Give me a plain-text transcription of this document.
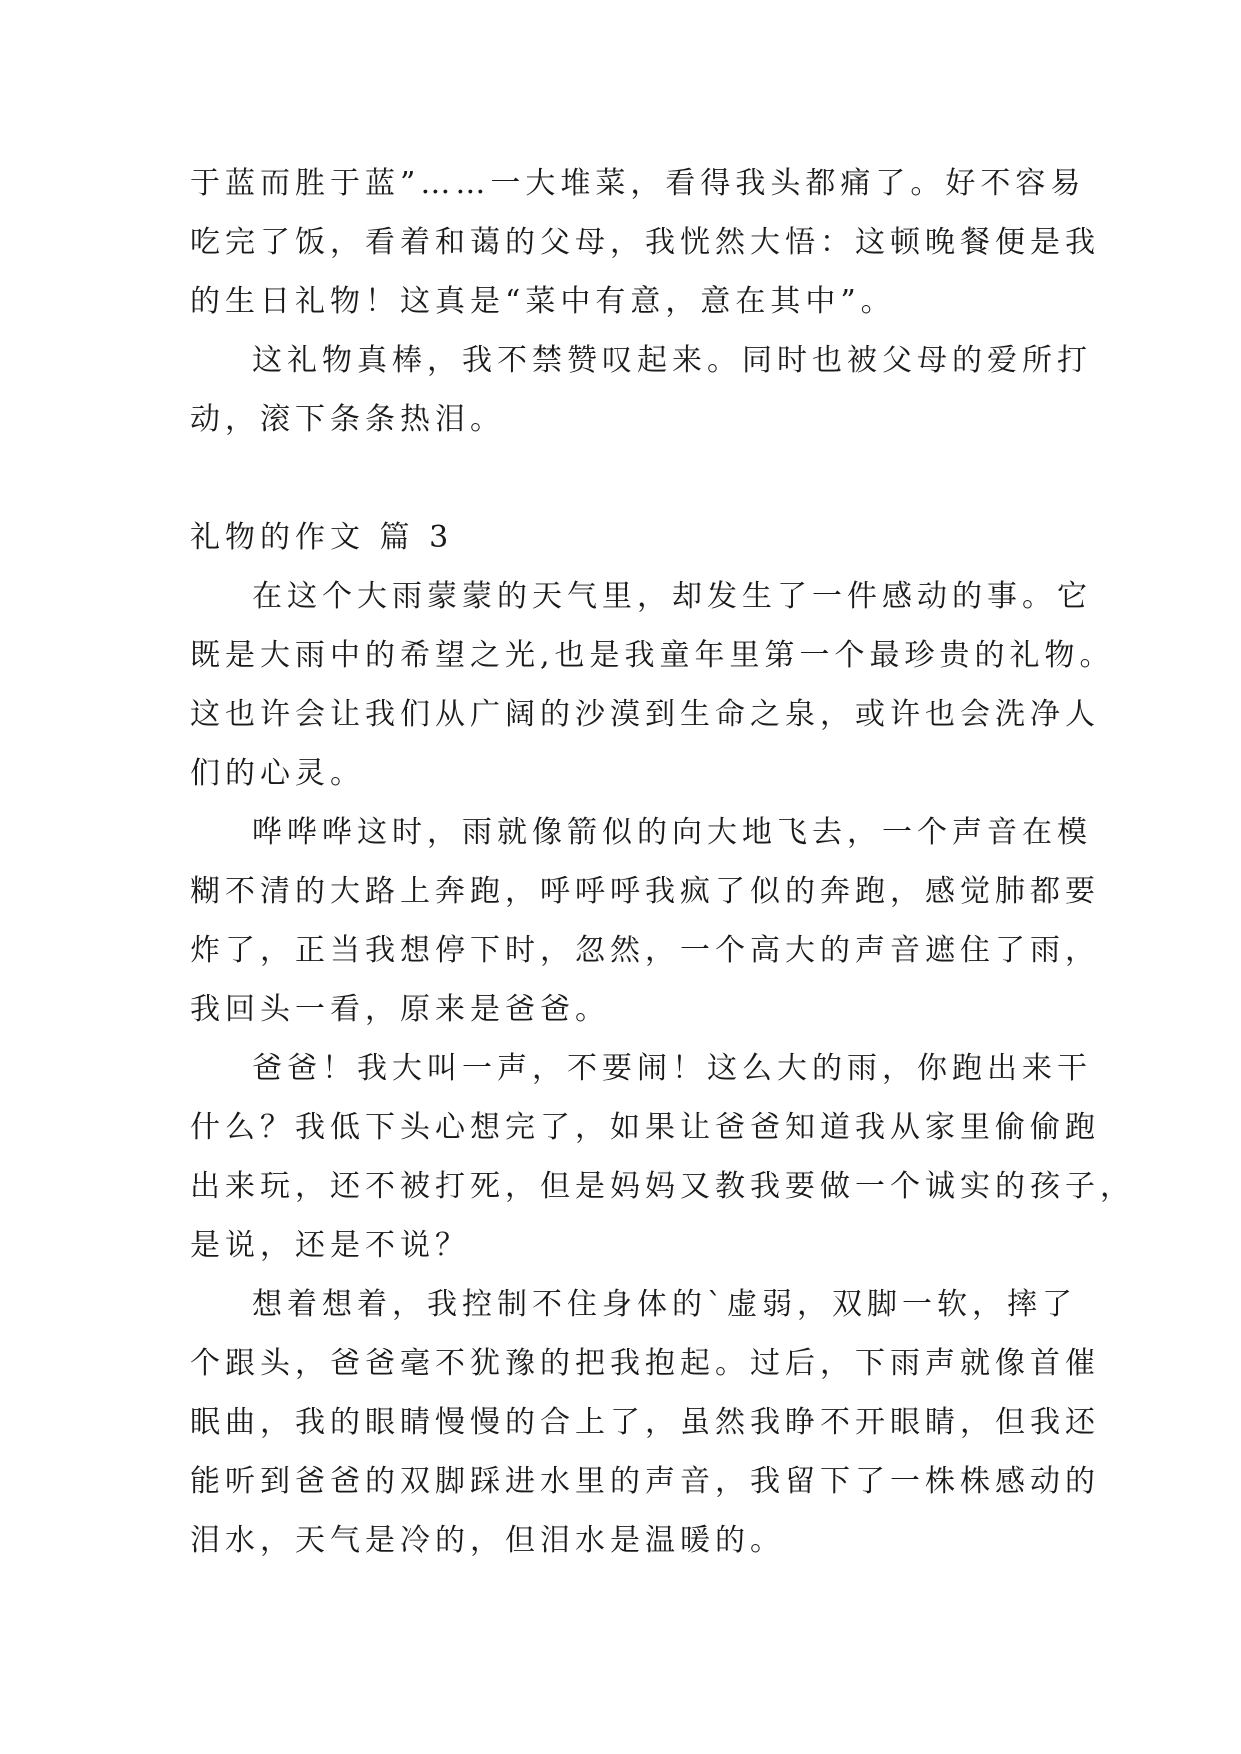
于蓝而胜于蓝”……一大堆菜，看得我头都痛了。好不容易
吃完了饭，看着和蔼的父母，我恍然大悟：这顿晚餐便是我
的生日礼物！这真是“菜中有意，意在其中”。
这礼物真棒，我不禁赞叹起来。同时也被父母的爱所打
动，滚下条条热泪。
礼物的作文 篇 3
在这个大雨蒙蒙的天气里，却发生了一件感动的事。它
既是大雨中的希望之光,也是我童年里第一个最珍贵的礼物。
这也许会让我们从广阔的沙漠到生命之泉，或许也会洗净人
们的心灵。
哗哗哗这时，雨就像箭似的向大地飞去，一个声音在模
糊不清的大路上奔跑，呼呼呼我疯了似的奔跑，感觉肺都要
炸了，正当我想停下时，忽然，一个高大的声音遮住了雨，
我回头一看，原来是爸爸。
爸爸！我大叫一声，不要闹！这么大的雨，你跑出来干
什么？我低下头心想完了，如果让爸爸知道我从家里偷偷跑
出来玩，还不被打死，但是妈妈又教我要做一个诚实的孩子，
是说，还是不说？
想着想着，我控制不住身体的`虚弱，双脚一软，摔了
个跟头，爸爸毫不犹豫的把我抱起。过后，下雨声就像首催
眠曲，我的眼睛慢慢的合上了，虽然我睁不开眼睛，但我还
能听到爸爸的双脚踩进水里的声音，我留下了一株株感动的
泪水，天气是冷的，但泪水是温暖的。
